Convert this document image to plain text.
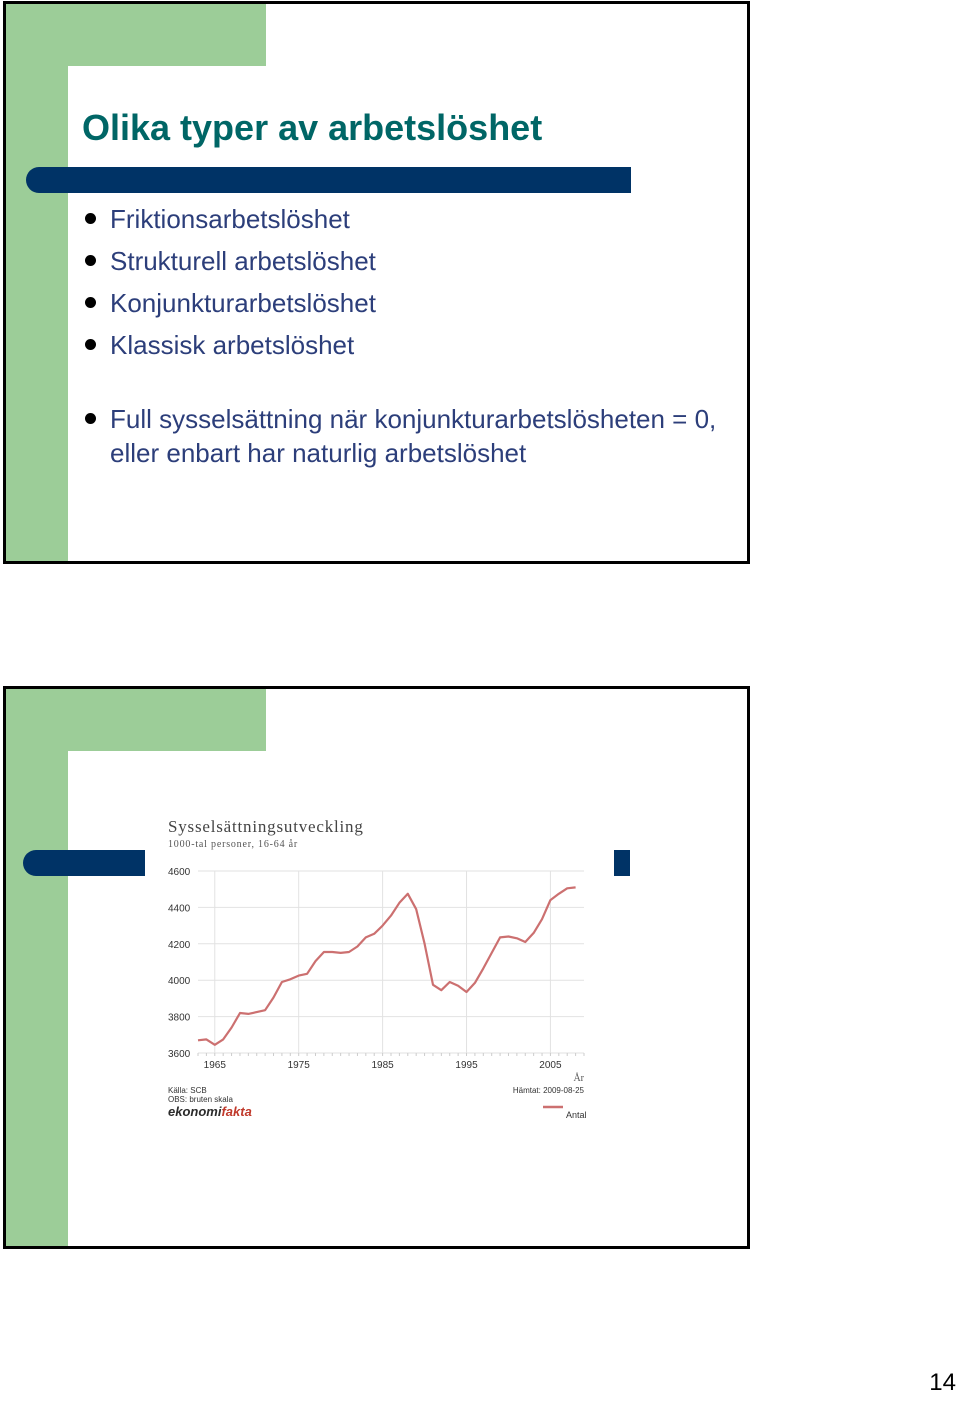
Olika typer av arbetslöshet
Friktionsarbetslöshet
Strukturell arbetslöshet
Konjunkturarbetslöshet
Klassisk arbetslöshet
Full sysselsättning när konjunkturarbetslösheten = 0, eller enbart har naturlig arbetslöshet
Sysselsättningsutveckling
1000-tal personer, 16-64 år
3600
3800
4000
4200
4400
4600
1965	1975	1985	1995	2005
År
Källa: SCB
OBS: bruten skala
Hämtat: 2009-08-25
ekonomifakta	Antal
14
